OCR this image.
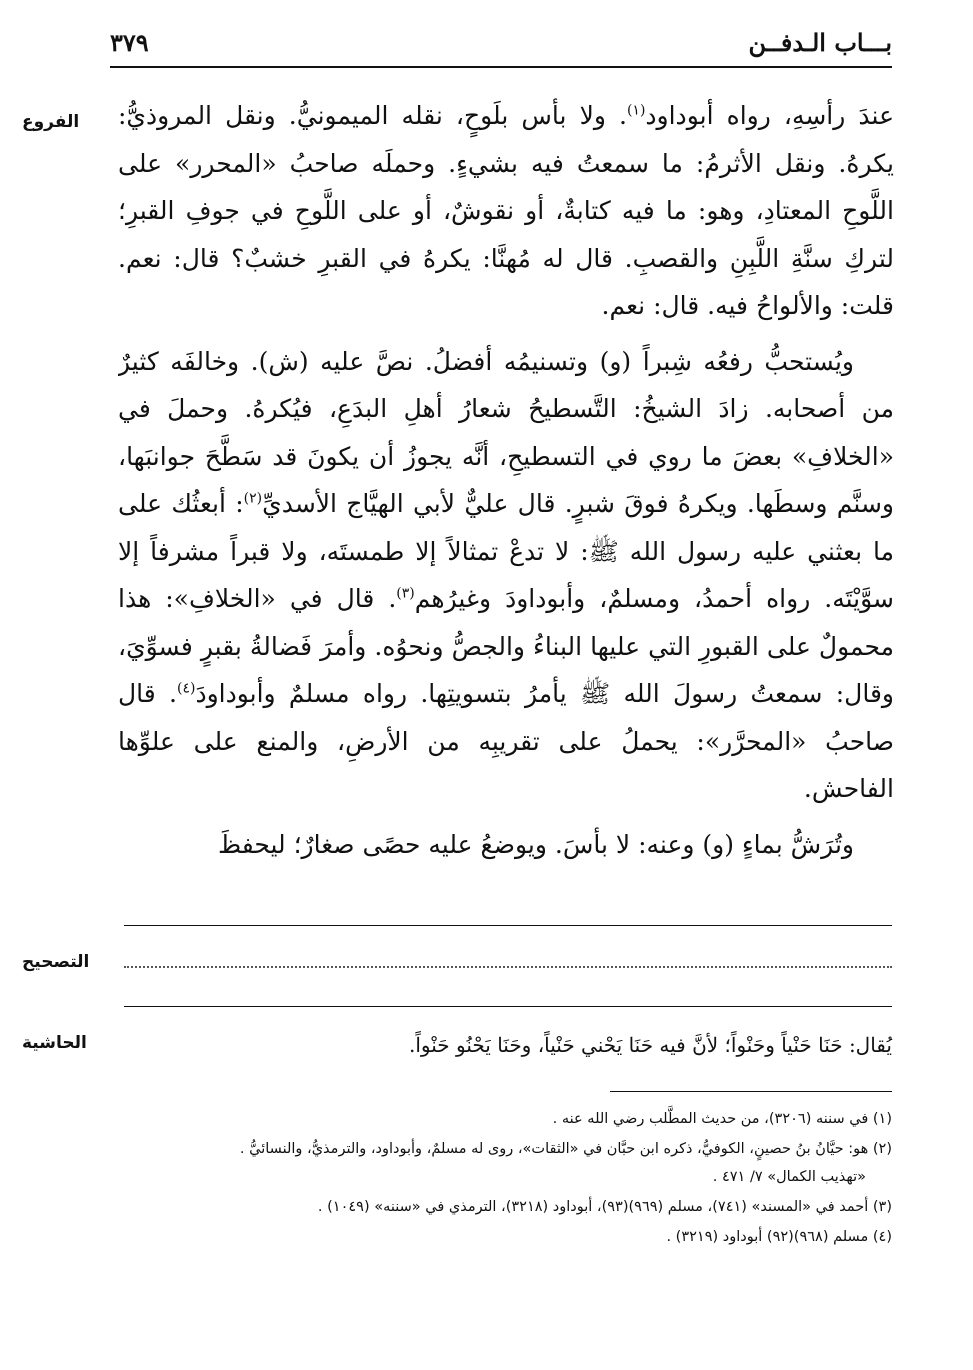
بـــاب الـدفــن
٣٧٩
الفروع	عندَ رأسِهِ، رواه أبوداود$^{(١)}$. ولا بأس بلَوحٍ، نقله الميمونيُّ. ونقل المروذيُّ: يكرهُ. ونقل الأثرمُ: ما سمعتُ فيه بشيءٍ. وحملَه صاحبُ «المحرر» على اللَّوحِ المعتادِ، وهو: ما فيه كتابةٌ، أو نقوشٌ، أو على اللَّوحِ في جوفِ القبرِ؛ لتركِ سنَّةِ اللَّبِنِ والقصبِ. قال له مُهنَّا: يكرهُ في القبرِ خشبٌ؟ قال: نعم. قلت: والألواحُ فيه. قال: نعم.

ويُستحبُّ رفعُه شِبراً (و) وتسنيمُه أفضلُ. نصَّ عليه (ش). وخالفَه كثيرٌ من أصحابه. زادَ الشيخُ: التَّسطيحُ شعارُ أهلِ البدَعِ، فيُكرهُ. وحملَ في «الخلافِ» بعضَ ما روي في التسطيحِ، أنَّه يجوزُ أن يكونَ قد سَطَّحَ جوانبَها، وسنَّم وسطَها. ويكرهُ فوقَ شبرٍ. قال عليٌّ لأبي الهيَّاج الأسديِّ$^{(٢)}$: أبعثُك على ما بعثني عليه رسول الله ﷺ: لا تدعْ تمثالاً إلا طمستَه، ولا قبراً مشرفاً إلا سوَّيْتَه. رواه أحمدُ، ومسلمٌ، وأبوداودَ وغيرُهم$^{(٣)}$. قال في «الخلافِ»: هذا محمولٌ على القبورِ التي عليها البناءُ والجصُّ ونحوُه. وأمرَ فَضالةُ بقبرٍ فسوِّيَ، وقال: سمعتُ رسولَ الله ﷺ يأمرُ بتسويتِها. رواه مسلمٌ وأبوداودَ$^{(٤)}$. قال صاحبُ «المحرَّر»: يحملُ على تقريبِه من الأرضِ، والمنع على علوِّها الفاحش.

وتُرَشُّ بماءٍ (و) وعنه: لا بأسَ. ويوضعُ عليه حصًى صغارٌ؛ ليحفظَ

التصحيح
الحاشية	يُقال: حَنَا حَنْياً وحَنْواً؛ لأنَّ فيه حَنَا يَحْني حَنْياً، وحَنَا يَحْنُو حَنْواً.
(١) في سننه (٣٢٠٦)، من حديث المطَّلب رضي الله عنه .
(٢) هو: حيَّانُ بنُ حصينٍ، الكوفيُّ، ذكره ابن حبَّان في «الثقات»، روى له مسلمٌ، وأبوداود، والترمذيُّ، والنسائيُّ .
«تهذيب الكمال» ٧/ ٤٧١ .
(٣) أحمد في «المسند» (٧٤١)، مسلم (٩٦٩)(٩٣)، أبوداود (٣٢١٨)، الترمذي في «سننه» (١٠٤٩) .
(٤) مسلم (٩٦٨)(٩٢) أبوداود (٣٢١٩) .
